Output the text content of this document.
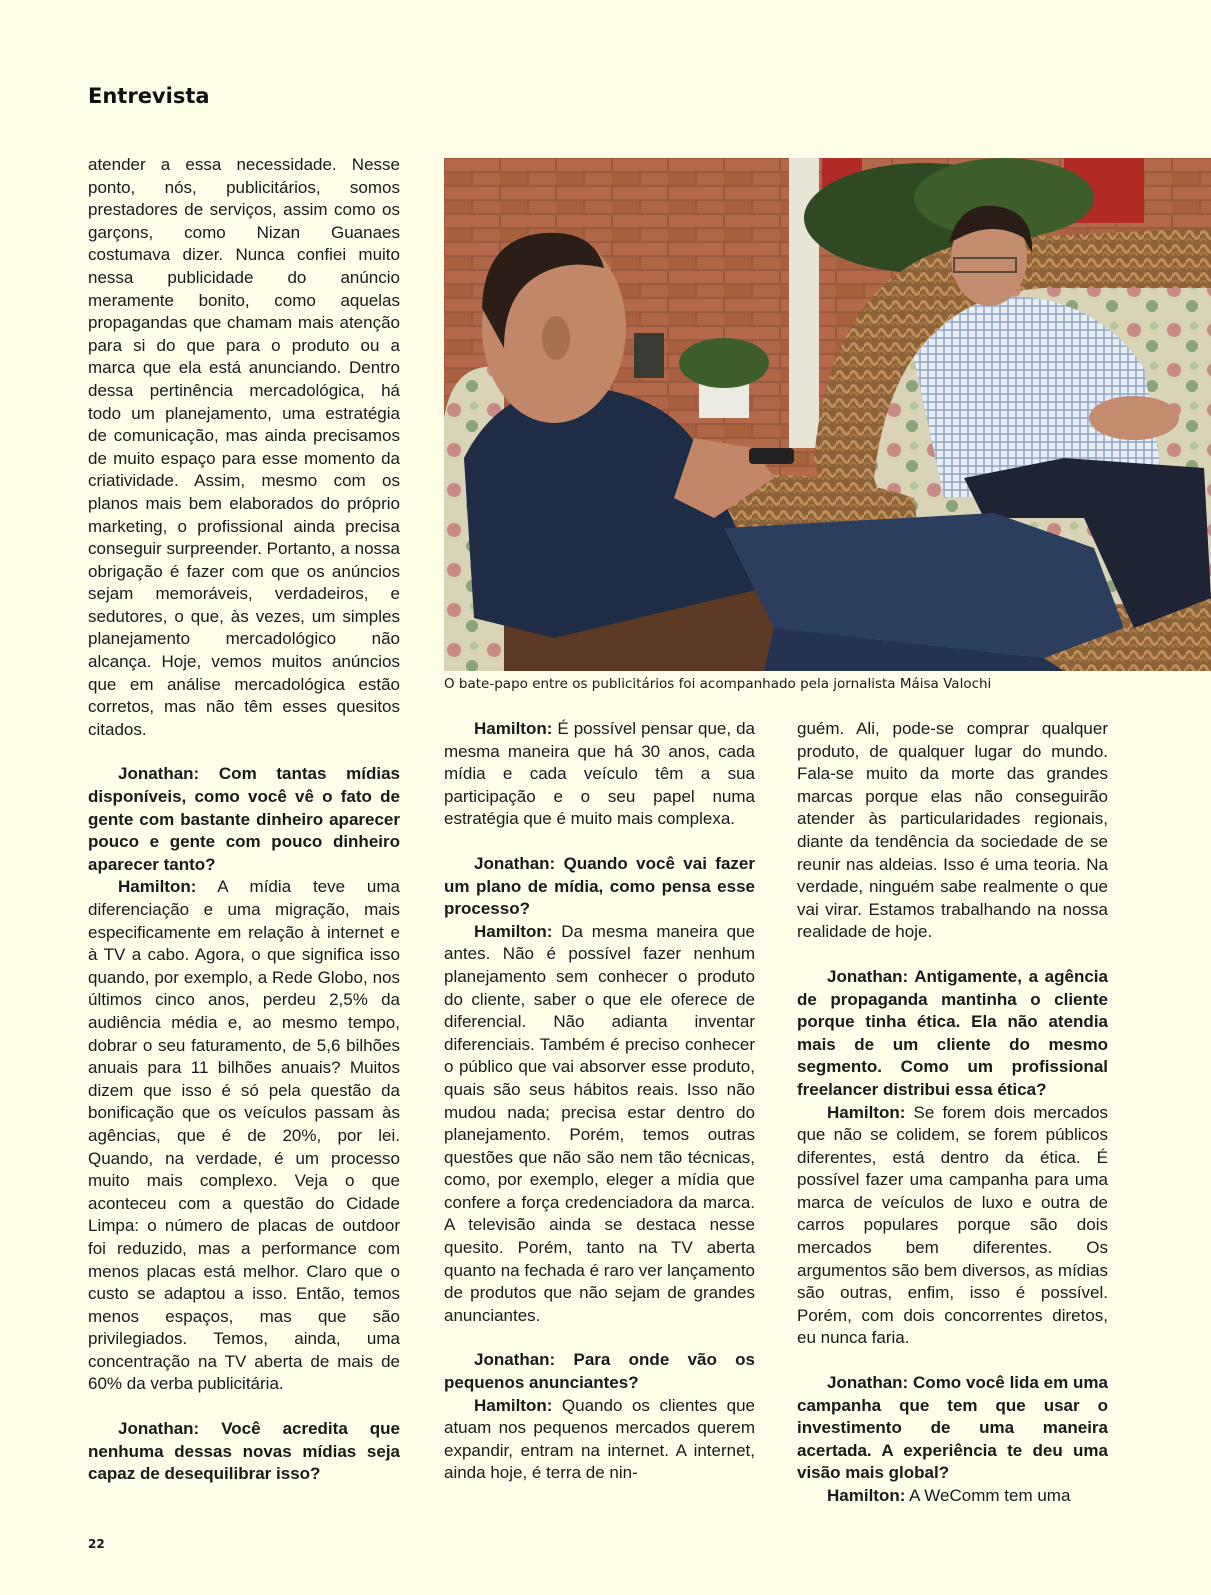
Entrevista

atender a essa necessidade. Nesse ponto, nós, publicitários, somos prestadores de serviços, assim como os garçons, como Nizan Guanaes costumava dizer. Nunca confiei muito nessa publicidade do anúncio meramente bonito, como aquelas propagandas que chamam mais atenção para si do que para o produto ou a marca que ela está anunciando. Dentro dessa pertinência mercadológica, há todo um planejamento, uma estratégia de comunicação, mas ainda precisamos de muito espaço para esse momento da criatividade. Assim, mesmo com os planos mais bem elaborados do próprio marketing, o profissional ainda precisa conseguir surpreender. Portanto, a nossa obrigação é fazer com que os anúncios sejam memoráveis, verdadeiros, e sedutores, o que, às vezes, um simples planejamento mercadológico não alcança. Hoje, vemos muitos anúncios que em análise mercadológica estão corretos, mas não têm esses quesitos citados.

Jonathan: Com tantas mídias disponíveis, como você vê o fato de gente com bastante dinheiro aparecer pouco e gente com pouco dinheiro aparecer tanto?

Hamilton: A mídia teve uma diferenciação e uma migração, mais especificamente em relação à internet e à TV a cabo. Agora, o que significa isso quando, por exemplo, a Rede Globo, nos últimos cinco anos, perdeu 2,5% da audiência média e, ao mesmo tempo, dobrar o seu faturamento, de 5,6 bilhões anuais para 11 bilhões anuais? Muitos dizem que isso é só pela questão da bonificação que os veículos passam às agências, que é de 20%, por lei. Quando, na verdade, é um processo muito mais complexo. Veja o que aconteceu com a questão do Cidade Limpa: o número de placas de outdoor foi reduzido, mas a performance com menos placas está melhor. Claro que o custo se adaptou a isso. Então, temos menos espaços, mas que são privilegiados. Temos, ainda, uma concentração na TV aberta de mais de 60% da verba publicitária.

Jonathan: Você acredita que nenhuma dessas novas mídias seja capaz de desequilibrar isso?

O bate-papo entre os publicitários foi acompanhado pela jornalista Máisa Valochi

Hamilton: É possível pensar que, da mesma maneira que há 30 anos, cada mídia e cada veículo têm a sua participação e o seu papel numa estratégia que é muito mais complexa.

Jonathan: Quando você vai fazer um plano de mídia, como pensa esse processo?

Hamilton: Da mesma maneira que antes. Não é possível fazer nenhum planejamento sem conhecer o produto do cliente, saber o que ele oferece de diferencial. Não adianta inventar diferenciais. Também é preciso conhecer o público que vai absorver esse produto, quais são seus hábitos reais. Isso não mudou nada; precisa estar dentro do planejamento. Porém, temos outras questões que não são nem tão técnicas, como, por exemplo, eleger a mídia que confere a força credenciadora da marca. A televisão ainda se destaca nesse quesito. Porém, tanto na TV aberta quanto na fechada é raro ver lançamento de produtos que não sejam de grandes anunciantes.

Jonathan: Para onde vão os pequenos anunciantes?

Hamilton: Quando os clientes que atuam nos pequenos mercados querem expandir, entram na internet. A internet, ainda hoje, é terra de nin-

guém. Ali, pode-se comprar qualquer produto, de qualquer lugar do mundo. Fala-se muito da morte das grandes marcas porque elas não conseguirão atender às particularidades regionais, diante da tendência da sociedade de se reunir nas aldeias. Isso é uma teoria. Na verdade, ninguém sabe realmente o que vai virar. Estamos trabalhando na nossa realidade de hoje.

Jonathan: Antigamente, a agência de propaganda mantinha o cliente porque tinha ética. Ela não atendia mais de um cliente do mesmo segmento. Como um profissional freelancer distribui essa ética?

Hamilton: Se forem dois mercados que não se colidem, se forem públicos diferentes, está dentro da ética. É possível fazer uma campanha para uma marca de veículos de luxo e outra de carros populares porque são dois mercados bem diferentes. Os argumentos são bem diversos, as mídias são outras, enfim, isso é possível. Porém, com dois concorrentes diretos, eu nunca faria.

Jonathan: Como você lida em uma campanha que tem que usar o investimento de uma maneira acertada. A experiência te deu uma visão mais global?

Hamilton: A WeComm tem uma

22
